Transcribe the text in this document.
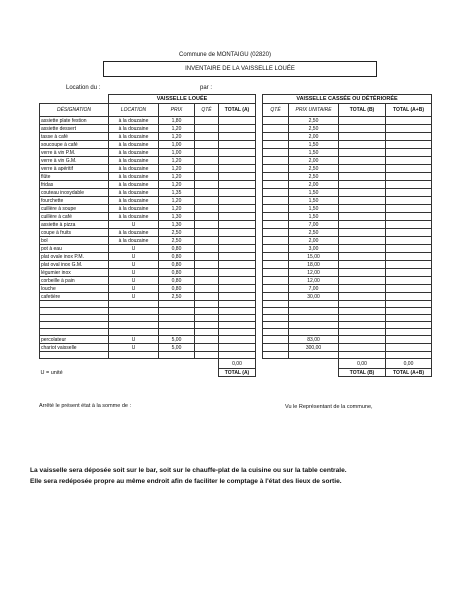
Commune de MONTAIGU (02820)
INVENTAIRE DE LA VAISSELLE LOUÉE
Location du :	par :
	VAISSELLE LOUÉE					VAISSELLE CASSÉE OU DÉTÉRIORÉE			
DÉSIGNATION	LOCATION	PRIX	QTÉ	TOTAL (A)		QTÉ	PRIX UNITAIRE	TOTAL (B)	TOTAL (A+B)
assiette plate festion	à la douzaine	1,80					2,50		
assiette dessert	à la douzaine	1,20					2,50		
tasse à café	à la douzaine	1,20					2,00		
soucoupe à café	à la douzaine	1,00					1,50		
verre à vin P.M.	à la douzaine	1,00					1,50		
verre à vin G.M.	à la douzaine	1,20					2,00		
verre à apéritif	à la douzaine	1,20					2,50		
flûte	à la douzaine	1,20					2,50		
fridas	à la douzaine	1,20					2,00		
couteau inoxydable	à la douzaine	1,35					1,50		
fourchette	à la douzaine	1,20					1,50		
cuillère à soupe	à la douzaine	1,20					1,50		
cuillère à café	à la douzaine	1,30					1,50		
assiette à pizza	U	1,30					7,00		
coupe à fruits	à la douzaine	2,50					2,50		
bol	à la douzaine	2,50					2,00		
pot à eau	U	0,80					3,00		
plat ovale inox P.M.	U	0,80					15,00		
plat oval inox G.M.	U	0,80					18,00		
légumier inox	U	0,80					12,00		
corbeille à pain	U	0,80					12,00		
louche	U	0,80					7,00		
cafetière	U	2,50					30,00		

percolateur	U	5,00					83,00		
chariot vaisselle	U	5,00					300,00		

				0,00				0,00	0,00
U = unité				TOTAL (A)				TOTAL (B)	TOTAL (A+B)
Arrêté le présent état à la somme de :	Vu le Représentant de la commune,
La vaisselle sera déposée soit sur le bar, soit sur le chauffe-plat de la cuisine ou sur la table centrale.
Elle sera redéposée propre au même endroit afin de faciliter le comptage à l'état des lieux de sortie.
